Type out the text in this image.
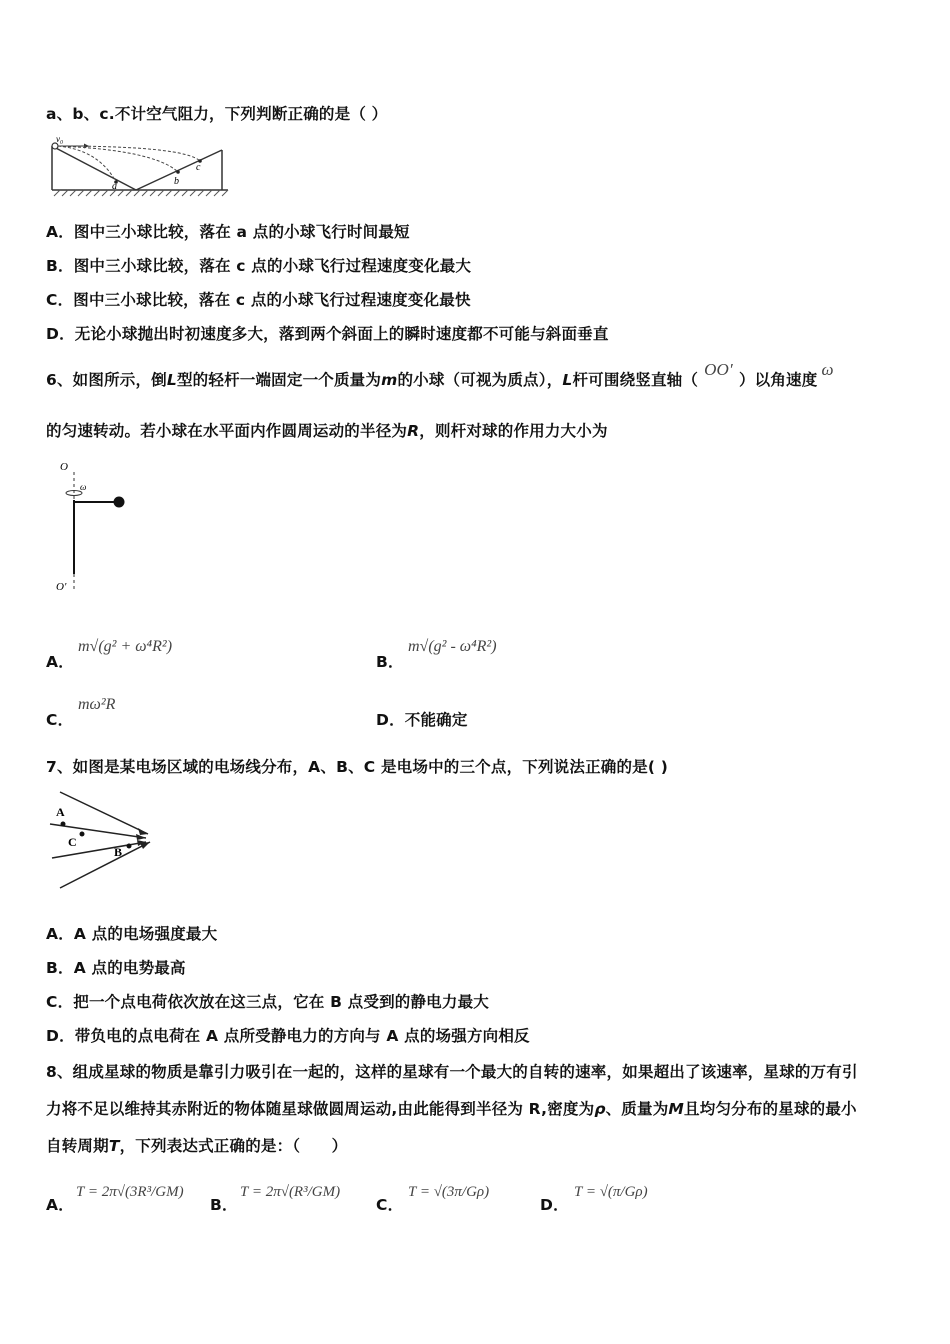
a、b、c.不计空气阻力，下列判断正确的是（ ）
v₀
a	b
c
A．图中三小球比较，落在 a 点的小球飞行时间最短
B．图中三小球比较，落在 c 点的小球飞行过程速度变化最大
C．图中三小球比较，落在 c 点的小球飞行过程速度变化最快
D．无论小球抛出时初速度多大，落到两个斜面上的瞬时速度都不可能与斜面垂直
6、如图所示，倒L型的轻杆一端固定一个质量为m的小球（可视为质点），L杆可围绕竖直轴（OO′）以角速度ω
的匀速转动。若小球在水平面内作圆周运动的半径为R，则杆对球的作用力大小为
O
ω
O'
A．
m√(g² + ω⁴R²)
B．
m√(g² - ω⁴R²)
C．
mω²R
D．不能确定
7、如图是某电场区域的电场线分布，A、B、C 是电场中的三个点，下列说法正确的是( )
A
C
B
A．A 点的电场强度最大
B．A 点的电势最高
C．把一个点电荷依次放在这三点，它在 B 点受到的静电力最大
D．带负电的点电荷在 A 点所受静电力的方向与 A 点的场强方向相反
8、组成星球的物质是靠引力吸引在一起的，这样的星球有一个最大的自转的速率，如果超出了该速率，星球的万有引
力将不足以维持其赤附近的物体随星球做圆周运动,由此能得到半径为 R,密度为ρ、质量为M且均匀分布的星球的最小
自转周期T，下列表达式正确的是：（　　）
A．
T = 2π√(3R³/GM)
B．
T = 2π√(R³/GM)
C．
T = √(3π/Gρ)
D．
T = √(π/Gρ)
